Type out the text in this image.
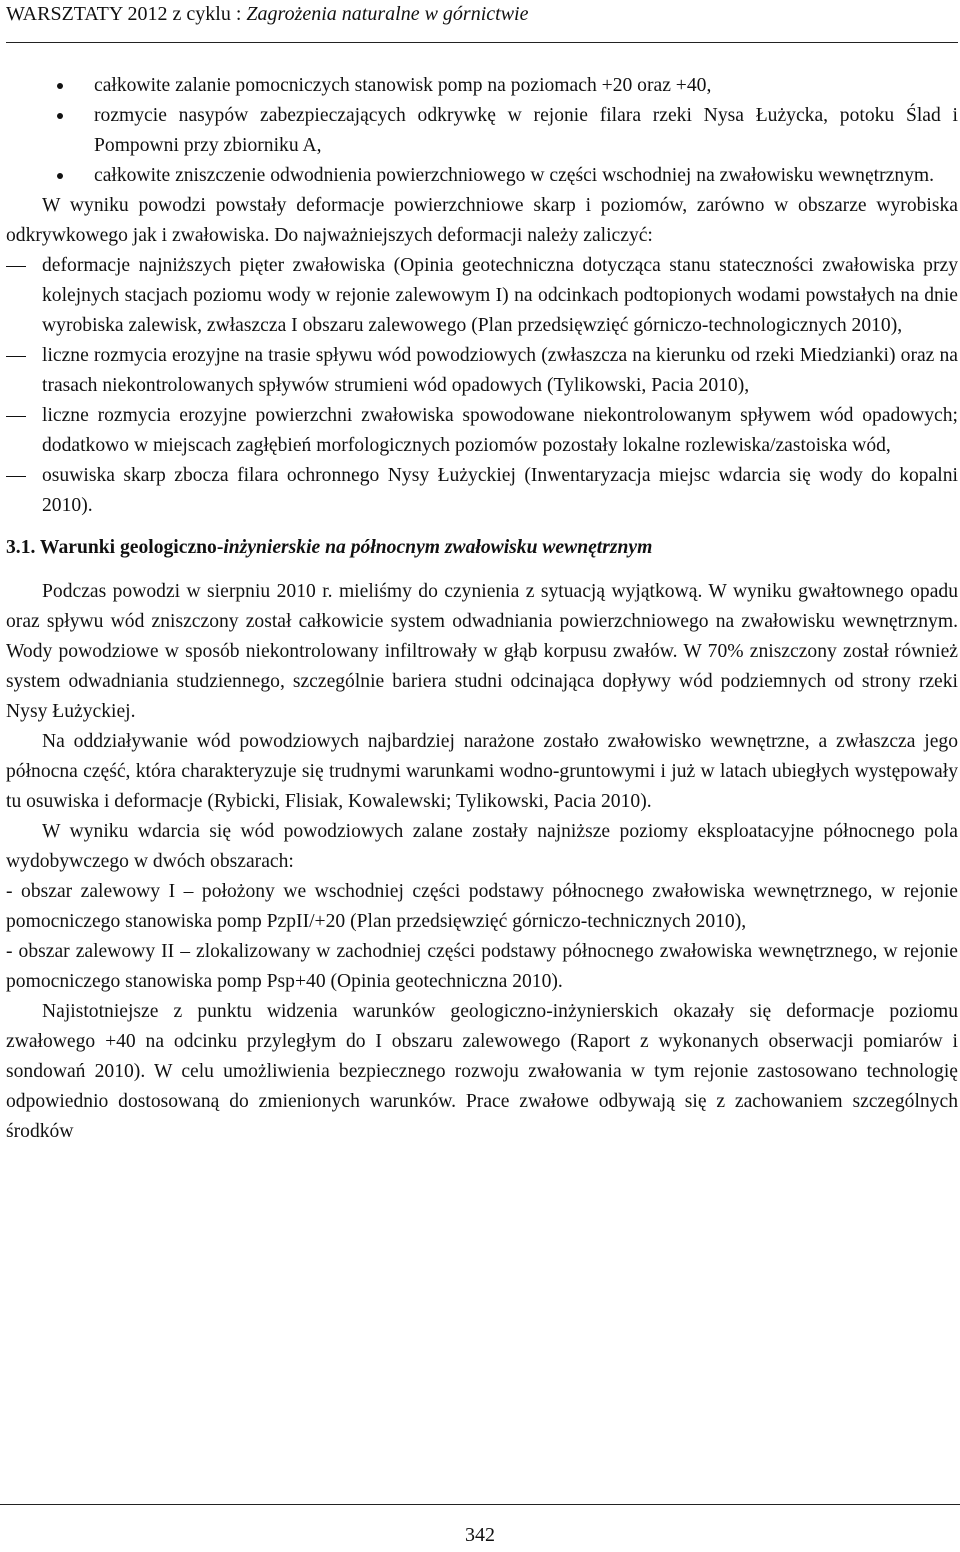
WARSZTATY 2012 z cyklu : Zagrożenia naturalne w górnictwie
całkowite zalanie pomocniczych stanowisk pomp na poziomach +20 oraz +40,
rozmycie nasypów zabezpieczających odkrywkę w rejonie filara rzeki Nysa Łużycka, potoku Ślad i Pompowni przy zbiorniku A,
całkowite zniszczenie odwodnienia powierzchniowego w części wschodniej na zwałowisku wewnętrznym.

W wyniku powodzi powstały deformacje powierzchniowe skarp i poziomów, zarówno w obszarze wyrobiska odkrywkowego jak i zwałowiska. Do najważniejszych deformacji należy zaliczyć:

deformacje najniższych pięter zwałowiska (Opinia geotechniczna dotycząca stanu stateczności zwałowiska przy kolejnych stacjach poziomu wody w rejonie zalewowym I) na odcinkach podtopionych wodami powstałych na dnie wyrobiska zalewisk, zwłaszcza I obszaru zalewowego (Plan przedsięwzięć górniczo-technologicznych 2010),
liczne rozmycia erozyjne na trasie spływu wód powodziowych (zwłaszcza na kierunku od rzeki Miedzianki) oraz na trasach niekontrolowanych spływów strumieni wód opadowych (Tylikowski, Pacia 2010),
liczne rozmycia erozyjne powierzchni zwałowiska spowodowane niekontrolowanym spływem wód opadowych; dodatkowo w miejscach zagłębień morfologicznych poziomów pozostały lokalne rozlewiska/zastoiska wód,
osuwiska skarp zbocza filara ochronnego Nysy Łużyckiej (Inwentaryzacja miejsc wdarcia się wody do kopalni 2010).

3.1. Warunki geologiczno-inżynierskie na północnym zwałowisku wewnętrznym

Podczas powodzi w sierpniu 2010 r. mieliśmy do czynienia z sytuacją wyjątkową. W wyniku gwałtownego opadu oraz spływu wód zniszczony został całkowicie system odwadniania powierzchniowego na zwałowisku wewnętrznym. Wody powodziowe w sposób niekontrolowany infiltrowały w głąb korpusu zwałów. W 70% zniszczony został również system odwadniania studziennego, szczególnie bariera studni odcinająca dopływy wód podziemnych od strony rzeki Nysy Łużyckiej.

Na oddziaływanie wód powodziowych najbardziej narażone zostało zwałowisko wewnętrzne, a zwłaszcza jego północna część, która charakteryzuje się trudnymi warunkami wodno-gruntowymi i już w latach ubiegłych występowały tu osuwiska i deformacje (Rybicki, Flisiak, Kowalewski; Tylikowski, Pacia 2010).

W wyniku wdarcia się wód powodziowych zalane zostały najniższe poziomy eksploatacyjne północnego pola wydobywczego w dwóch obszarach:

- obszar zalewowy I – położony we wschodniej części podstawy północnego zwałowiska wewnętrznego, w rejonie pomocniczego stanowiska pomp PzpII/+20 (Plan przedsięwzięć górniczo-technicznych 2010),

- obszar zalewowy II – zlokalizowany w zachodniej części podstawy północnego zwałowiska wewnętrznego, w rejonie pomocniczego stanowiska pomp Psp+40 (Opinia geotechniczna 2010).

Najistotniejsze z punktu widzenia warunków geologiczno-inżynierskich okazały się deformacje poziomu zwałowego +40 na odcinku przyległym do I obszaru zalewowego (Raport z wykonanych obserwacji pomiarów i sondowań 2010). W celu umożliwienia bezpiecznego rozwoju zwałowania w tym rejonie zastosowano technologię odpowiednio dostosowaną do zmienionych warunków. Prace zwałowe odbywają się z zachowaniem szczególnych środków

342
